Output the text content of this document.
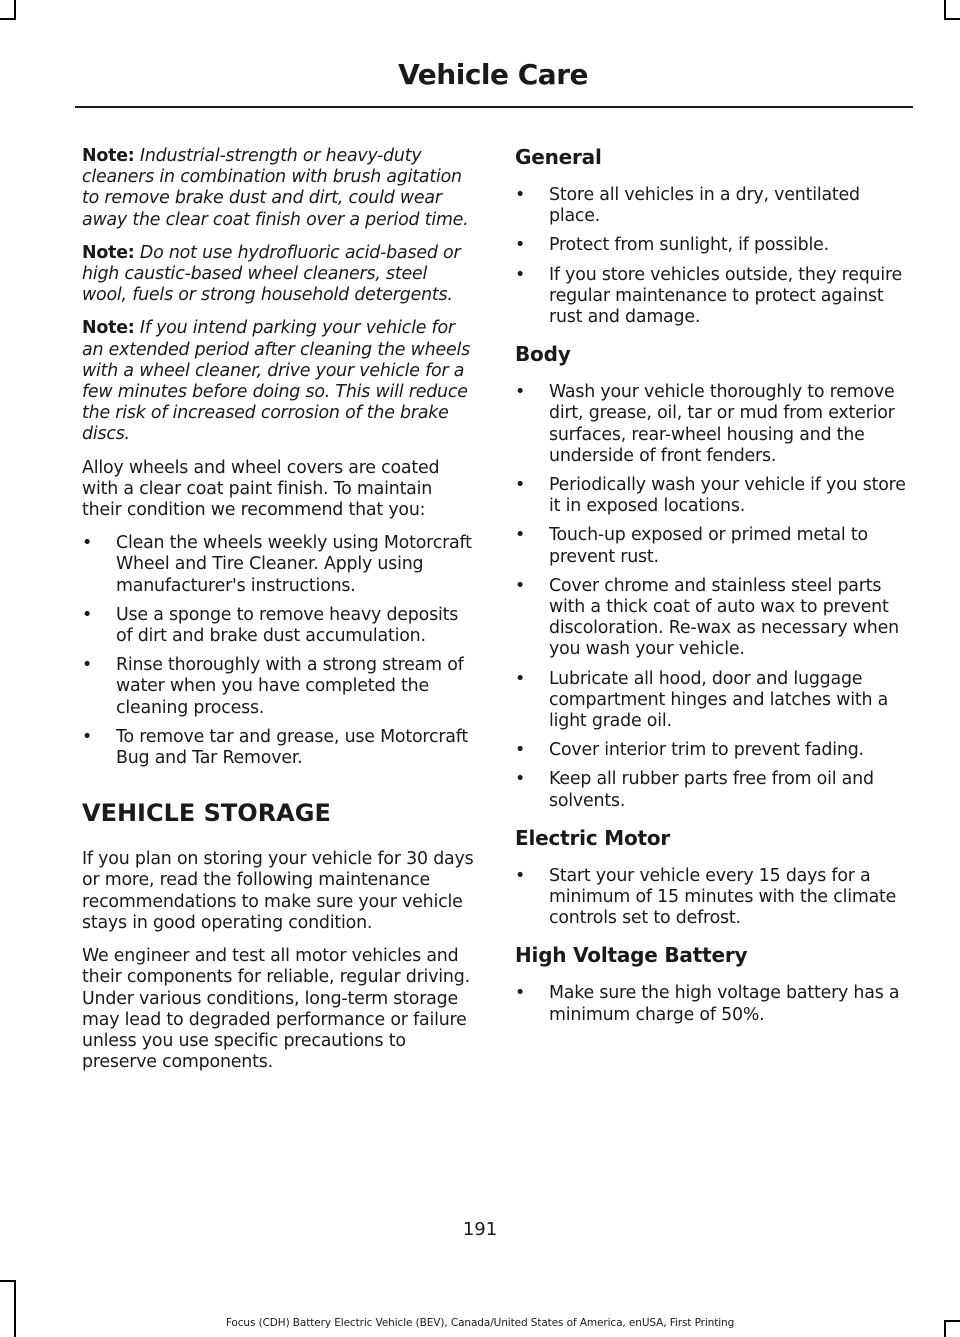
Vehicle Care

Note: Industrial-strength or heavy-duty cleaners in combination with brush agitation to remove brake dust and dirt, could wear away the clear coat finish over a period time.

Note: Do not use hydrofluoric acid-based or high caustic-based wheel cleaners, steel wool, fuels or strong household detergents.

Note: If you intend parking your vehicle for an extended period after cleaning the wheels with a wheel cleaner, drive your vehicle for a few minutes before doing so. This will reduce the risk of increased corrosion of the brake discs.

Alloy wheels and wheel covers are coated with a clear coat paint finish. To maintain their condition we recommend that you:

• Clean the wheels weekly using Motorcraft Wheel and Tire Cleaner. Apply using manufacturer's instructions.
• Use a sponge to remove heavy deposits of dirt and brake dust accumulation.
• Rinse thoroughly with a strong stream of water when you have completed the cleaning process.
• To remove tar and grease, use Motorcraft Bug and Tar Remover.
VEHICLE STORAGE

If you plan on storing your vehicle for 30 days or more, read the following maintenance recommendations to make sure your vehicle stays in good operating condition.

We engineer and test all motor vehicles and their components for reliable, regular driving. Under various conditions, long-term storage may lead to degraded performance or failure unless you use specific precautions to preserve components.

General
• Store all vehicles in a dry, ventilated place.
• Protect from sunlight, if possible.
• If you store vehicles outside, they require regular maintenance to protect against rust and damage.
Body
• Wash your vehicle thoroughly to remove dirt, grease, oil, tar or mud from exterior surfaces, rear-wheel housing and the underside of front fenders.
• Periodically wash your vehicle if you store it in exposed locations.
• Touch-up exposed or primed metal to prevent rust.
• Cover chrome and stainless steel parts with a thick coat of auto wax to prevent discoloration. Re-wax as necessary when you wash your vehicle.
• Lubricate all hood, door and luggage compartment hinges and latches with a light grade oil.
• Cover interior trim to prevent fading.
• Keep all rubber parts free from oil and solvents.
Electric Motor
• Start your vehicle every 15 days for a minimum of 15 minutes with the climate controls set to defrost.
High Voltage Battery
• Make sure the high voltage battery has a minimum charge of 50%.
191
Focus (CDH) Battery Electric Vehicle (BEV), Canada/United States of America, enUSA, First Printing
